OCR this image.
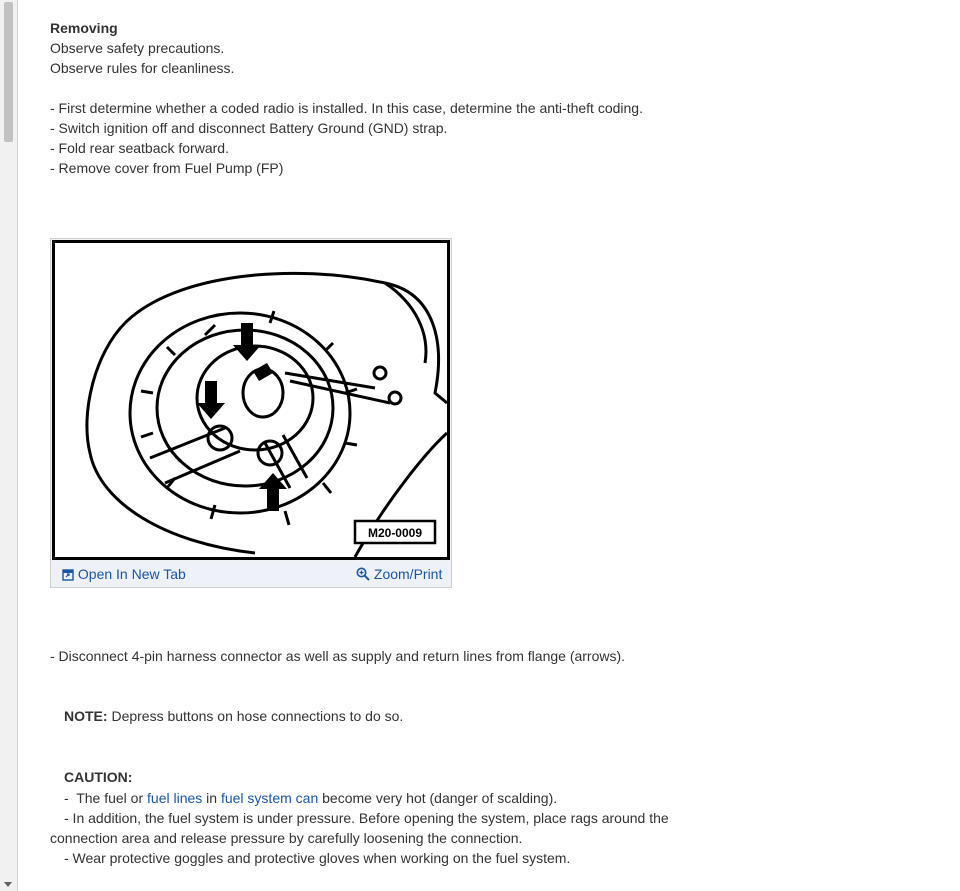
Removing
Observe safety precautions.
Observe rules for cleanliness.
- First determine whether a coded radio is installed. In this case, determine the anti-theft coding.
- Switch ignition off and disconnect Battery Ground (GND) strap.
- Fold rear seatback forward.
- Remove cover from Fuel Pump (FP)
M20-0009
Open In New Tab	Zoom/Print
- Disconnect 4-pin harness connector as well as supply and return lines from flange (arrows).
NOTE: Depress buttons on hose connections to do so.
CAUTION:
-  The fuel or fuel lines in fuel system can become very hot (danger of scalding).
- In addition, the fuel system is under pressure. Before opening the system, place rags around the
connection area and release pressure by carefully loosening the connection.
- Wear protective goggles and protective gloves when working on the fuel system.
